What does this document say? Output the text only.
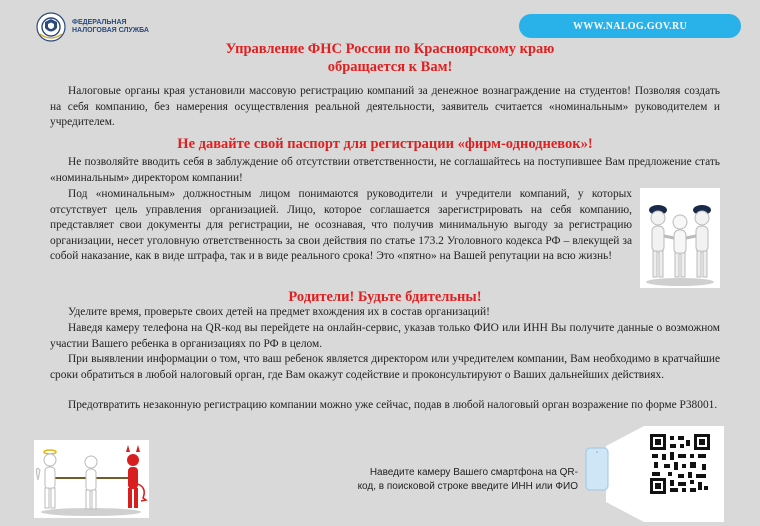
ФЕДЕРАЛЬНАЯ
НАЛОГОВАЯ СЛУЖБА	WWW.NALOG.GOV.RU
Управление ФНС России по Красноярскому краю
обращается к Вам!

Налоговые органы края установили массовую регистрацию компаний за денежное вознаграждение на студентов! Позволяя создать на себя компанию, без намерения осуществления реальной деятельности, заявитель считается «номинальным» руководителем и учредителем.

Не давайте свой паспорт для регистрации «фирм-однодневок»!

Не позволяйте вводить себя в заблуждение об отсутствии ответственности, не соглашайтесь на поступившее Вам предложение стать «номинальным» директором компании!

Под «номинальным» должностным лицом понимаются руководители и учредители компаний, у которых отсутствует цель управления организацией. Лицо, которое соглашается зарегистрировать на себя компанию, представляет свои документы для регистрации, не осознавая, что получив минимальную выгоду за регистрацию организации, несет уголовную ответственность за свои действия по статье 173.2 Уголовного кодекса РФ – влекущей за собой наказание, как в виде штрафа, так и в виде реального срока! Это «пятно» на Вашей репутации на всю жизнь!

Родители! Будьте бдительны!

Уделите время, проверьте своих детей на предмет вхождения их в состав организаций!

Наведя камеру телефона на QR-код вы перейдете на онлайн-сервис, указав только ФИО или ИНН Вы получите данные о возможном участии Вашего ребенка в организациях по РФ в целом.

При выявлении информации о том, что ваш ребенок является директором или учредителем компании, Вам необходимо в кратчайшие сроки обратиться в любой налоговый орган, где Вам окажут содействие и проконсультируют о Ваших дальнейших действиях.

Предотвратить незаконную регистрацию компании можно уже сейчас, подав в любой налоговый орган возражение по форме Р38001.

Наведите камеру Вашего смартфона на QR-код, в поисковой строке введите ИНН или ФИО
